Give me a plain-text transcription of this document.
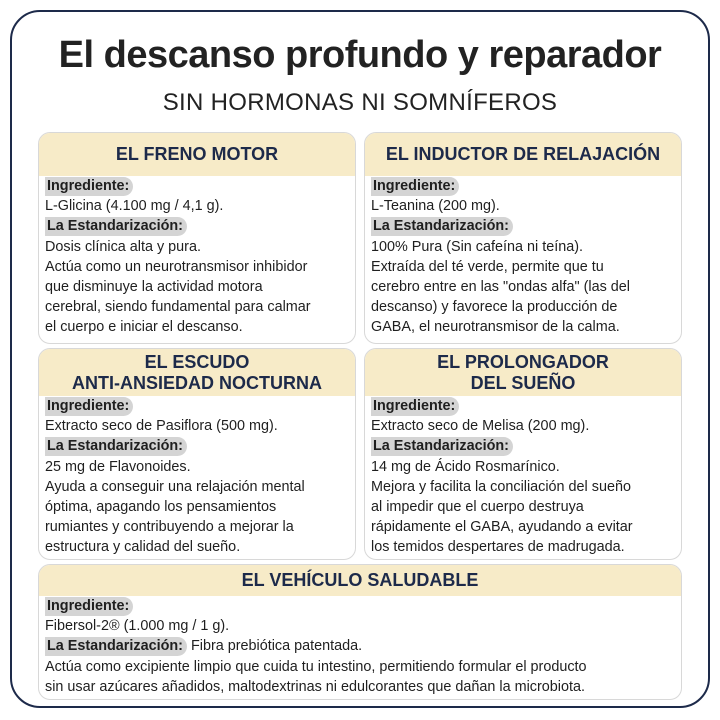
El descanso profundo y reparador
SIN HORMONAS NI SOMNÍFEROS
EL FRENO MOTOR
Ingrediente:
L-Glicina (4.100 mg / 4,1 g).
La Estandarización:
Dosis clínica alta y pura.
Actúa como un neurotransmisor inhibidor
que disminuye la actividad motora
cerebral, siendo fundamental para calmar
el cuerpo e iniciar el descanso.
EL INDUCTOR DE RELAJACIÓN
Ingrediente:
L-Teanina (200 mg).
La Estandarización:
100% Pura (Sin cafeína ni teína).
Extraída del té verde, permite que tu
cerebro entre en las "ondas alfa" (las del
descanso) y favorece la producción de
GABA, el neurotransmisor de la calma.
EL ESCUDO
ANTI-ANSIEDAD NOCTURNA
Ingrediente:
Extracto seco de Pasiflora (500 mg).
La Estandarización:
25 mg de Flavonoides.
Ayuda a conseguir una relajación mental
óptima, apagando los pensamientos
rumiantes y contribuyendo a mejorar la
estructura y calidad del sueño.
EL PROLONGADOR
DEL SUEÑO
Ingrediente:
Extracto seco de Melisa (200 mg).
La Estandarización:
14 mg de Ácido Rosmarínico.
Mejora y facilita la conciliación del sueño
al impedir que el cuerpo destruya
rápidamente el GABA, ayudando a evitar
los temidos despertares de madrugada.
EL VEHÍCULO SALUDABLE
Ingrediente:
Fibersol-2® (1.000 mg / 1 g).
La Estandarización: Fibra prebiótica patentada.
Actúa como excipiente limpio que cuida tu intestino, permitiendo formular el producto
sin usar azúcares añadidos, maltodextrinas ni edulcorantes que dañan la microbiota.
